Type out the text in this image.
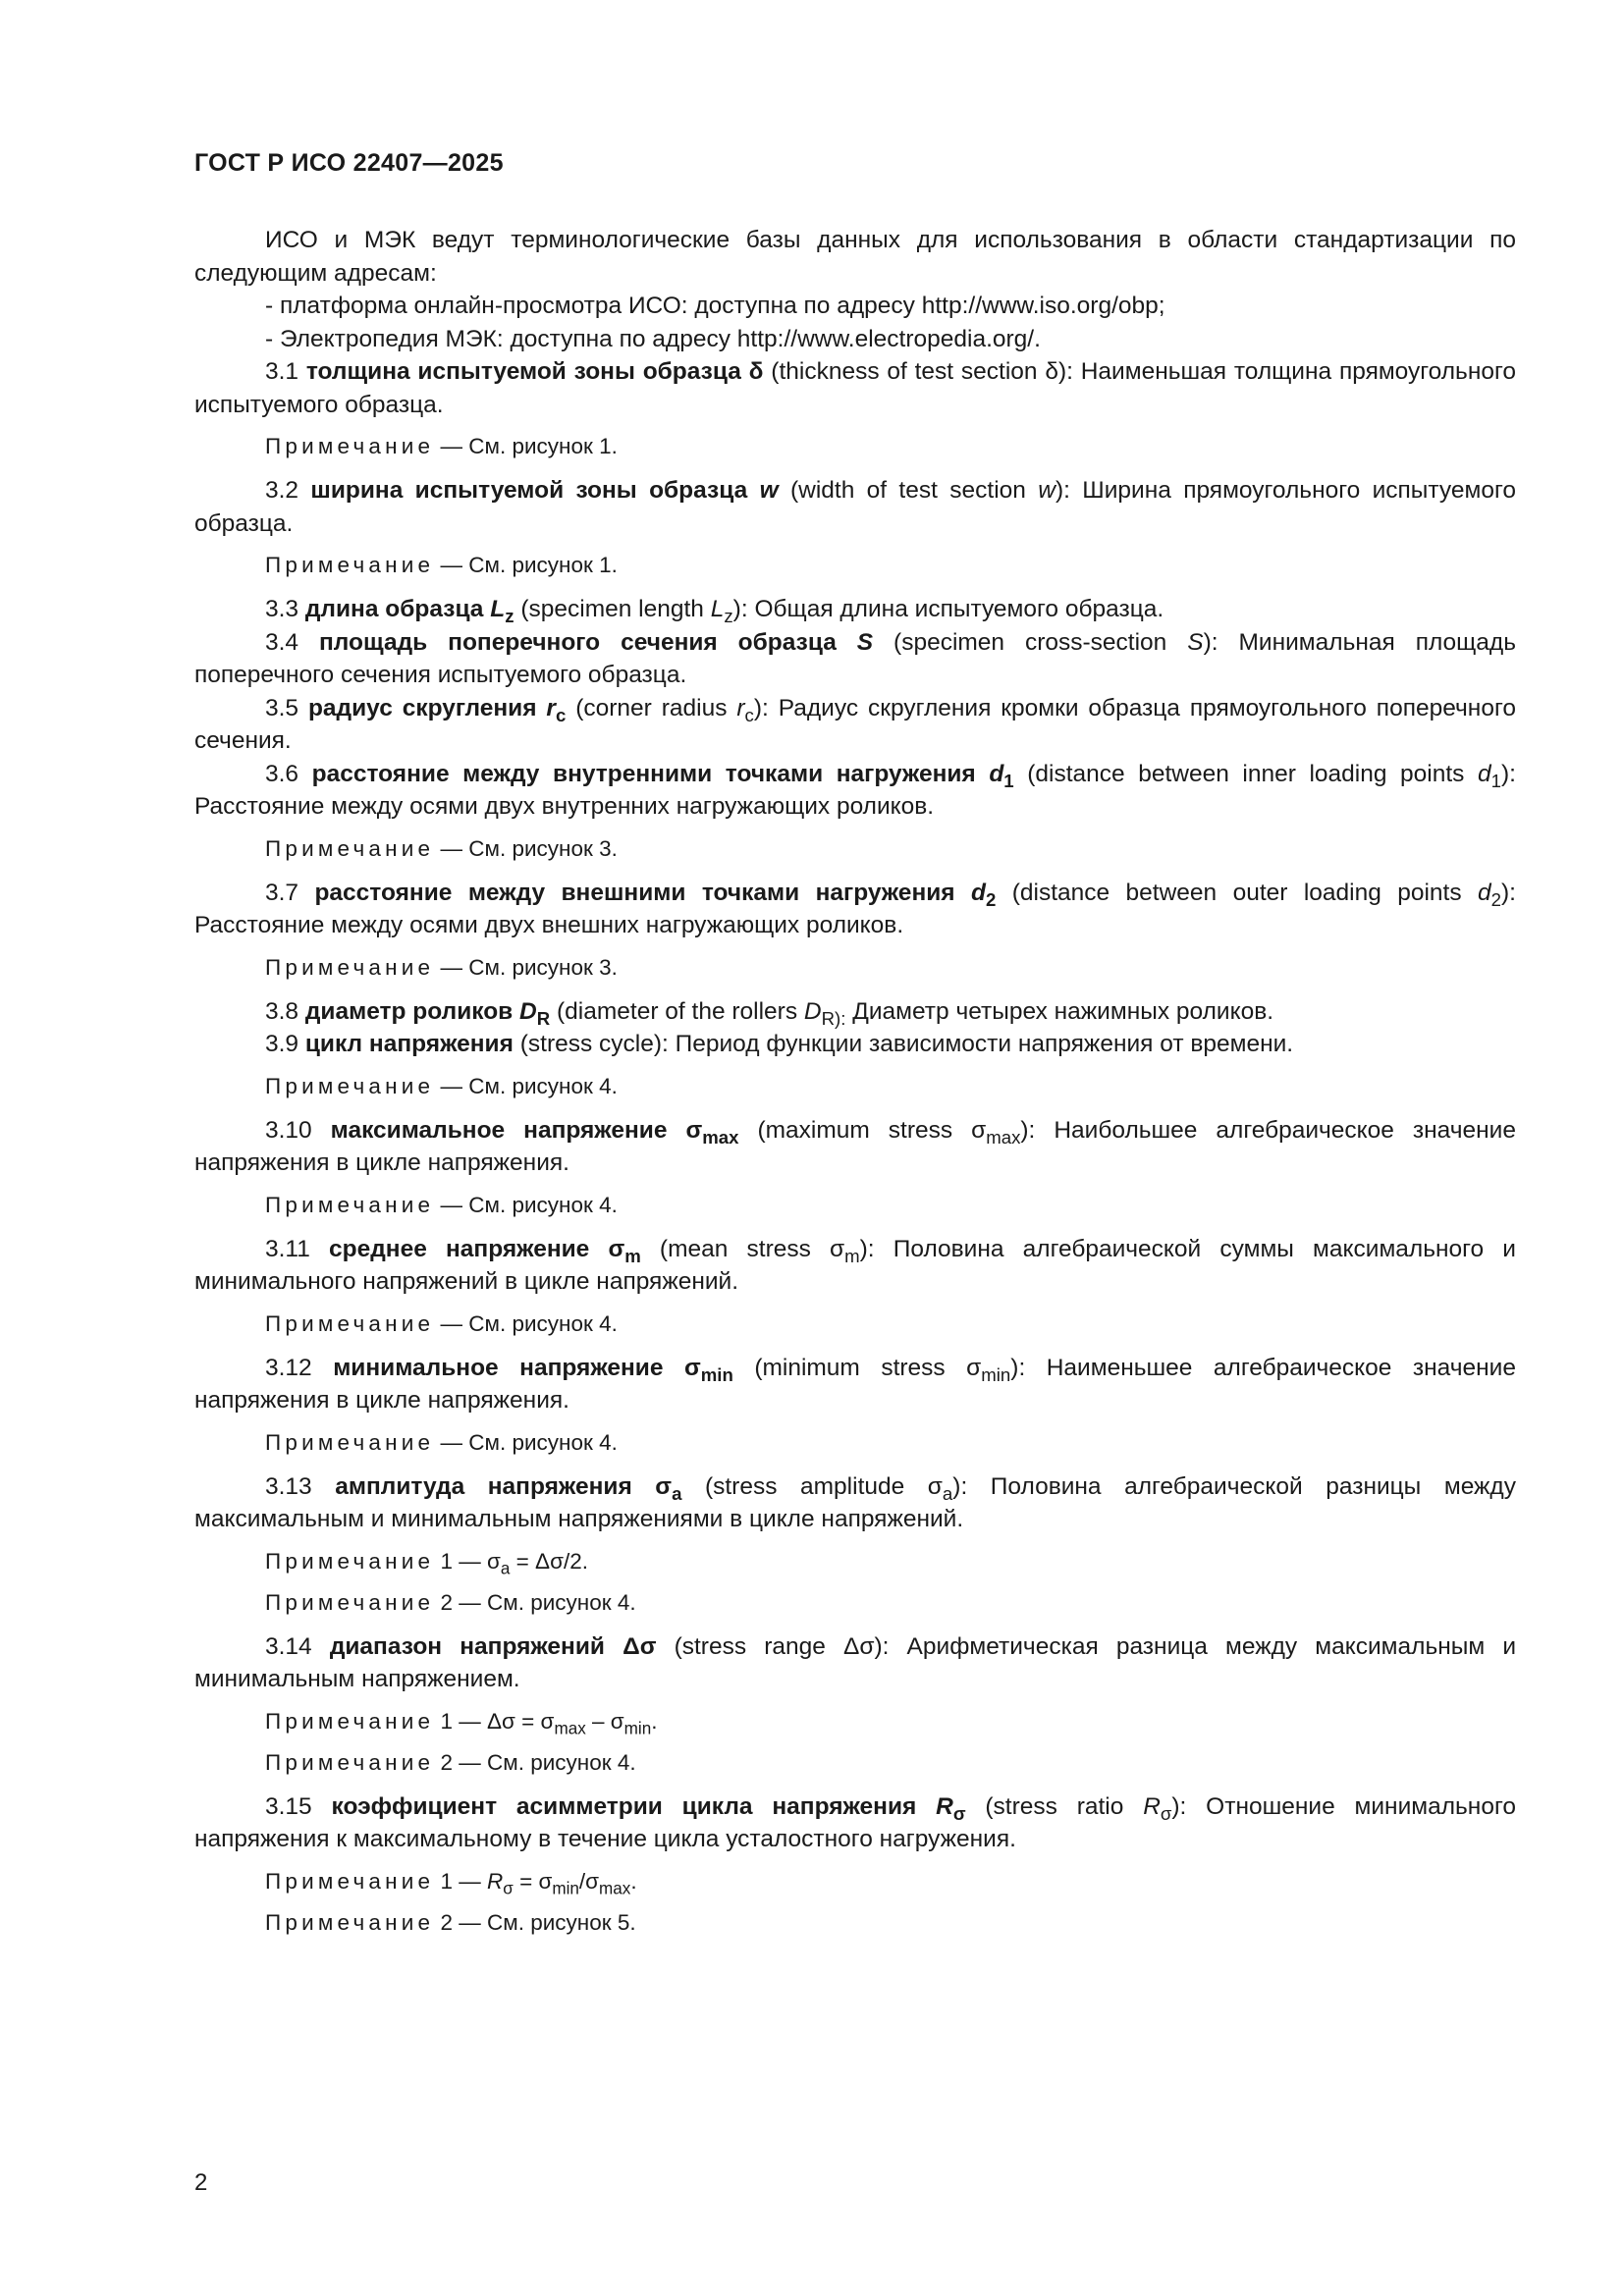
ГОСТ Р ИСО 22407—2025

ИСО и МЭК ведут терминологические базы данных для использования в области стандартизации по следующим адресам:

- платформа онлайн-просмотра ИСО: доступна по адресу http://www.iso.org/obp;

- Электропедия МЭК: доступна по адресу http://www.electropedia.org/.

3.1 толщина испытуемой зоны образца δ (thickness of test section δ): Наименьшая толщина прямоугольного испытуемого образца.

Примечание — См. рисунок 1.

3.2 ширина испытуемой зоны образца w (width of test section w): Ширина прямоугольного испытуемого образца.

Примечание — См. рисунок 1.

3.3 длина образца $L_z$ (specimen length $L_z$): Общая длина испытуемого образца.

3.4 площадь поперечного сечения образца S (specimen cross-section S): Минимальная площадь поперечного сечения испытуемого образца.

3.5 радиус скругления $r_c$ (corner radius $r_c$): Радиус скругления кромки образца прямоугольного поперечного сечения.

3.6 расстояние между внутренними точками нагружения $d_1$ (distance between inner loading points $d_1$): Расстояние между осями двух внутренних нагружающих роликов.

Примечание — См. рисунок 3.

3.7 расстояние между внешними точками нагружения $d_2$ (distance between outer loading points $d_2$): Расстояние между осями двух внешних нагружающих роликов.

Примечание — См. рисунок 3.

3.8 диаметр роликов $D_R$ (diameter of the rollers $D_{R):}$ Диаметр четырех нажимных роликов.

3.9 цикл напряжения (stress cycle): Период функции зависимости напряжения от времени.

Примечание — См. рисунок 4.

3.10 максимальное напряжение $\sigma_{max}$ (maximum stress $\sigma_{max}$): Наибольшее алгебраическое значение напряжения в цикле напряжения.

Примечание — См. рисунок 4.

3.11 среднее напряжение $\sigma_m$ (mean stress $\sigma_m$): Половина алгебраической суммы максимального и минимального напряжений в цикле напряжений.

Примечание — См. рисунок 4.

3.12 минимальное напряжение $\sigma_{min}$ (minimum stress $\sigma_{min}$): Наименьшее алгебраическое значение напряжения в цикле напряжения.

Примечание — См. рисунок 4.

3.13 амплитуда напряжения $\sigma_a$ (stress amplitude $\sigma_a$): Половина алгебраической разницы между максимальным и минимальным напряжениями в цикле напряжений.

Примечание 1 — $\sigma_a = \Delta\sigma/2$.
Примечание 2 — См. рисунок 4.

3.14 диапазон напряжений Δσ (stress range Δσ): Арифметическая разница между максимальным и минимальным напряжением.

Примечание 1 — $\Delta\sigma = \sigma_{max} - \sigma_{min}$.
Примечание 2 — См. рисунок 4.

3.15 коэффициент асимметрии цикла напряжения $R_\sigma$ (stress ratio $R_\sigma$): Отношение минимального напряжения к максимальному в течение цикла усталостного нагружения.

Примечание 1 — $R_\sigma = \sigma_{min}/\sigma_{max}$.
Примечание 2 — См. рисунок 5.
2
